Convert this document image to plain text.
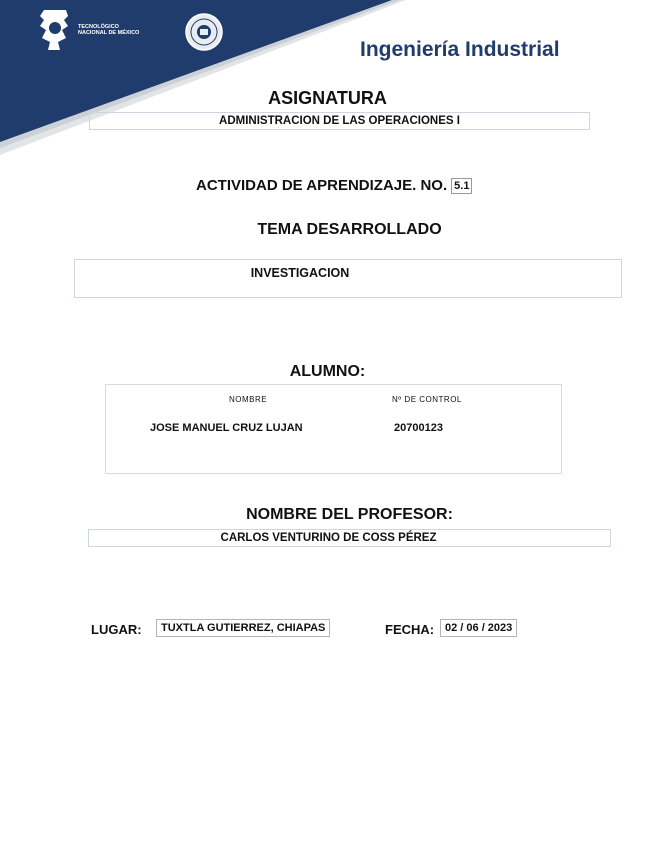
TECNOLÓGICO
NACIONAL DE MÉXICO
Ingeniería Industrial
ASIGNATURA
ADMINISTRACION DE LAS OPERACIONES I
ACTIVIDAD DE APRENDIZAJE. NO. 5.1
TEMA DESARROLLADO
INVESTIGACION
ALUMNO:
NOMBRE	Nº DE CONTROL
JOSE MANUEL CRUZ LUJAN	20700123
NOMBRE DEL PROFESOR:
CARLOS VENTURINO DE COSS PÉREZ
LUGAR:	TUXTLA GUTIERREZ, CHIAPAS	FECHA: 02 / 06 / 2023
